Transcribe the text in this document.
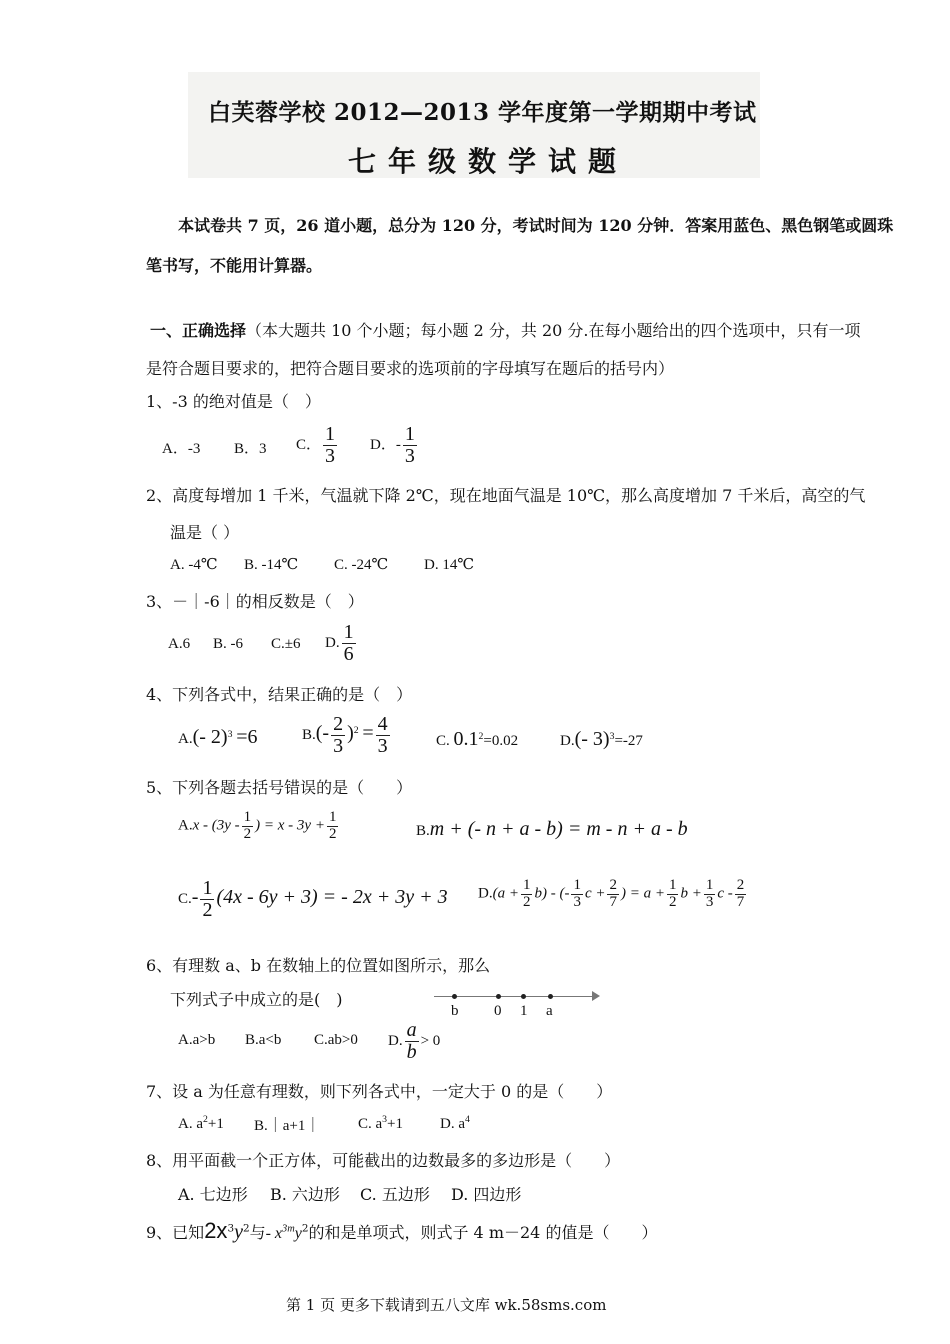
白芙蓉学校 2012—2013 学年度第一学期期中考试
七年级数学试题
本试卷共 7 页，26 道小题，总分为 120 分，考试时间为 120 分钟．答案用蓝色、黑色钢笔或圆珠
笔书写，不能用计算器。
一、正确选择（本大题共 10 个小题；每小题 2 分，共 20 分.在每小题给出的四个选项中，只有一项
是符合题目要求的，把符合题目要求的选项前的字母填写在题后的括号内）
1、-3 的绝对值是（　）
A．-3 B．3 C． $\frac{1}{3}$ D．- $\frac{1}{3}$
2、高度每增加 1 千米，气温就下降 2℃，现在地面气温是 10℃，那么高度增加 7 千米后，高空的气
温是（ ）
A. -4℃ B. -14℃ C. -24℃ D. 14℃
3、－｜-6｜的相反数是（　）
A.6 B. -6 C.±6 D. $\frac{1}{6}$
4、下列各式中，结果正确的是（　）
A.(- 2)$^3$ =6	$B.(- \frac{2}{3} )^2 = \frac{4}{3}$	C. $0.1^2=0.02$	D.(- 3)$^3$=-27
5、下列各题去括号错误的是（　　）
$A.x - (3y - \frac{1}{2}$ ) = $x - 3y + \frac{1}{2}$	B.m + (- n + a - b) = m - n + a - b
$C.- \frac{1}{2} (4x - 6y + 3)$ = - 2x + 3y + 3 $D.(a + \frac{1}{2} b)$ - (- $\frac{1}{3}$ $c + \frac{2}{7}$ ) = $a + \frac{1}{2}$ $b + \frac{1}{3}$ c - $\frac{2}{7}$
6、有理数 a、b 在数轴上的位置如图所示，那么
下列式子中成立的是(　)
b 0 1 a
A.a>b B.a<b C.ab>0 D. $\frac{a}{b} > 0$
7、设 a 为任意有理数，则下列各式中，一定大于 0 的是（　　）
A. $a^2+1$ B.｜a+1｜	C. $a^3+1$ D. $a^4$
8、用平面截一个正方体，可能截出的边数最多的多边形是（　　）
A. 七边形 B. 六边形 C. 五边形 D. 四边形
9、已知$2x^3y^2$与- $x^{3m}y^2$的和是单项式，则式子 4 m－24 的值是（　　）
第 1 页 更多下载请到五八文库 wk.58sms.com
